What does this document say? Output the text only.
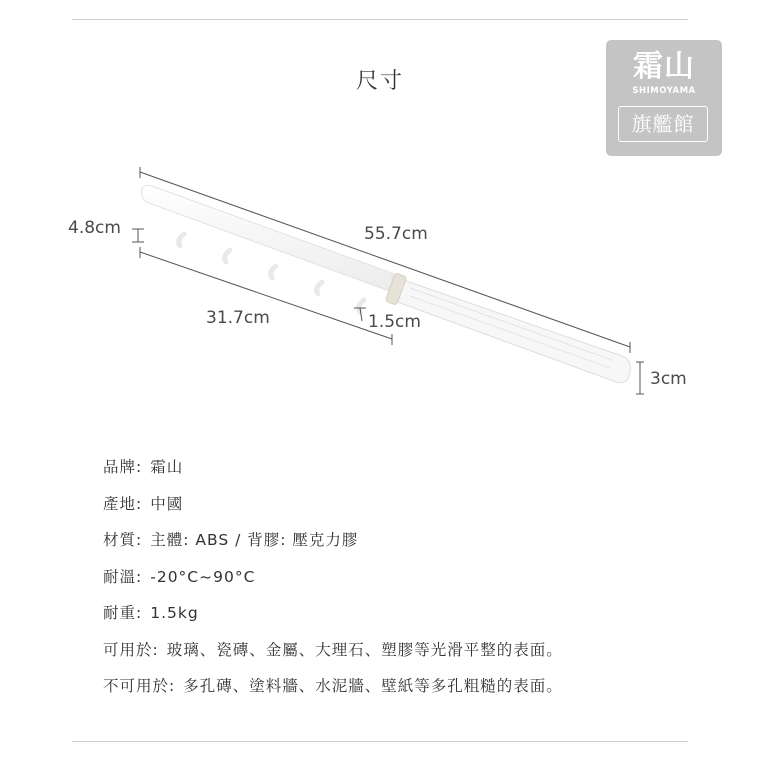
尺寸	霜山
SHIMOYAMA
旗艦館
4.8cm	55.7cm
31.7cm	1.5cm
3cm
品牌: 霜山
產地: 中國
材質: 主體: ABS / 背膠: 壓克力膠
耐溫: -20°C~90°C
耐重: 1.5kg
可用於: 玻璃、瓷磚、金屬、大理石、塑膠等光滑平整的表面。
不可用於: 多孔磚、塗料牆、水泥牆、壁紙等多孔粗糙的表面。
